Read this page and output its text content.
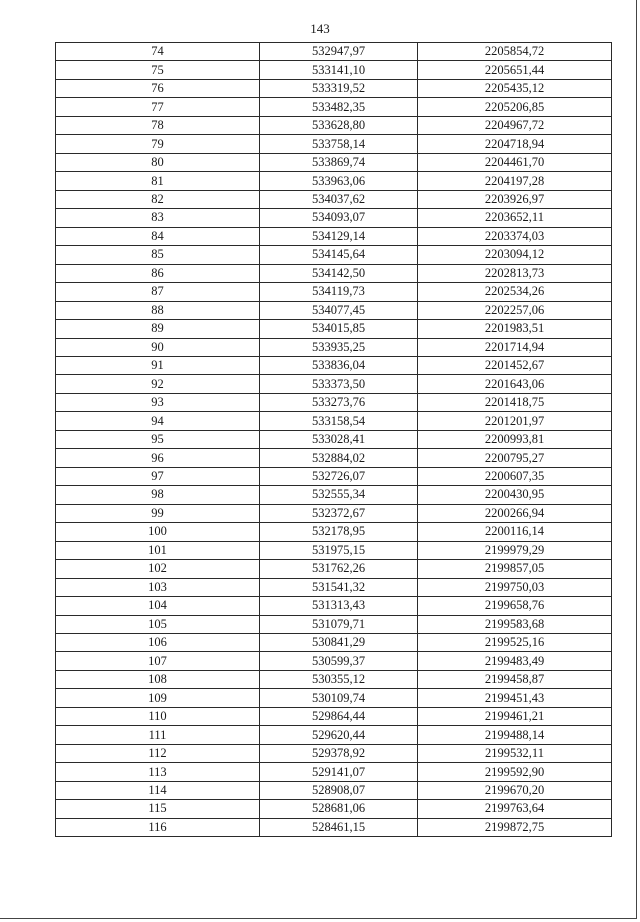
143
74	532947,97	2205854,72
75	533141,10	2205651,44
76	533319,52	2205435,12
77	533482,35	2205206,85
78	533628,80	2204967,72
79	533758,14	2204718,94
80	533869,74	2204461,70
81	533963,06	2204197,28
82	534037,62	2203926,97
83	534093,07	2203652,11
84	534129,14	2203374,03
85	534145,64	2203094,12
86	534142,50	2202813,73
87	534119,73	2202534,26
88	534077,45	2202257,06
89	534015,85	2201983,51
90	533935,25	2201714,94
91	533836,04	2201452,67
92	533373,50	2201643,06
93	533273,76	2201418,75
94	533158,54	2201201,97
95	533028,41	2200993,81
96	532884,02	2200795,27
97	532726,07	2200607,35
98	532555,34	2200430,95
99	532372,67	2200266,94
100	532178,95	2200116,14
101	531975,15	2199979,29
102	531762,26	2199857,05
103	531541,32	2199750,03
104	531313,43	2199658,76
105	531079,71	2199583,68
106	530841,29	2199525,16
107	530599,37	2199483,49
108	530355,12	2199458,87
109	530109,74	2199451,43
110	529864,44	2199461,21
111	529620,44	2199488,14
112	529378,92	2199532,11
113	529141,07	2199592,90
114	528908,07	2199670,20
115	528681,06	2199763,64
116	528461,15	2199872,75
